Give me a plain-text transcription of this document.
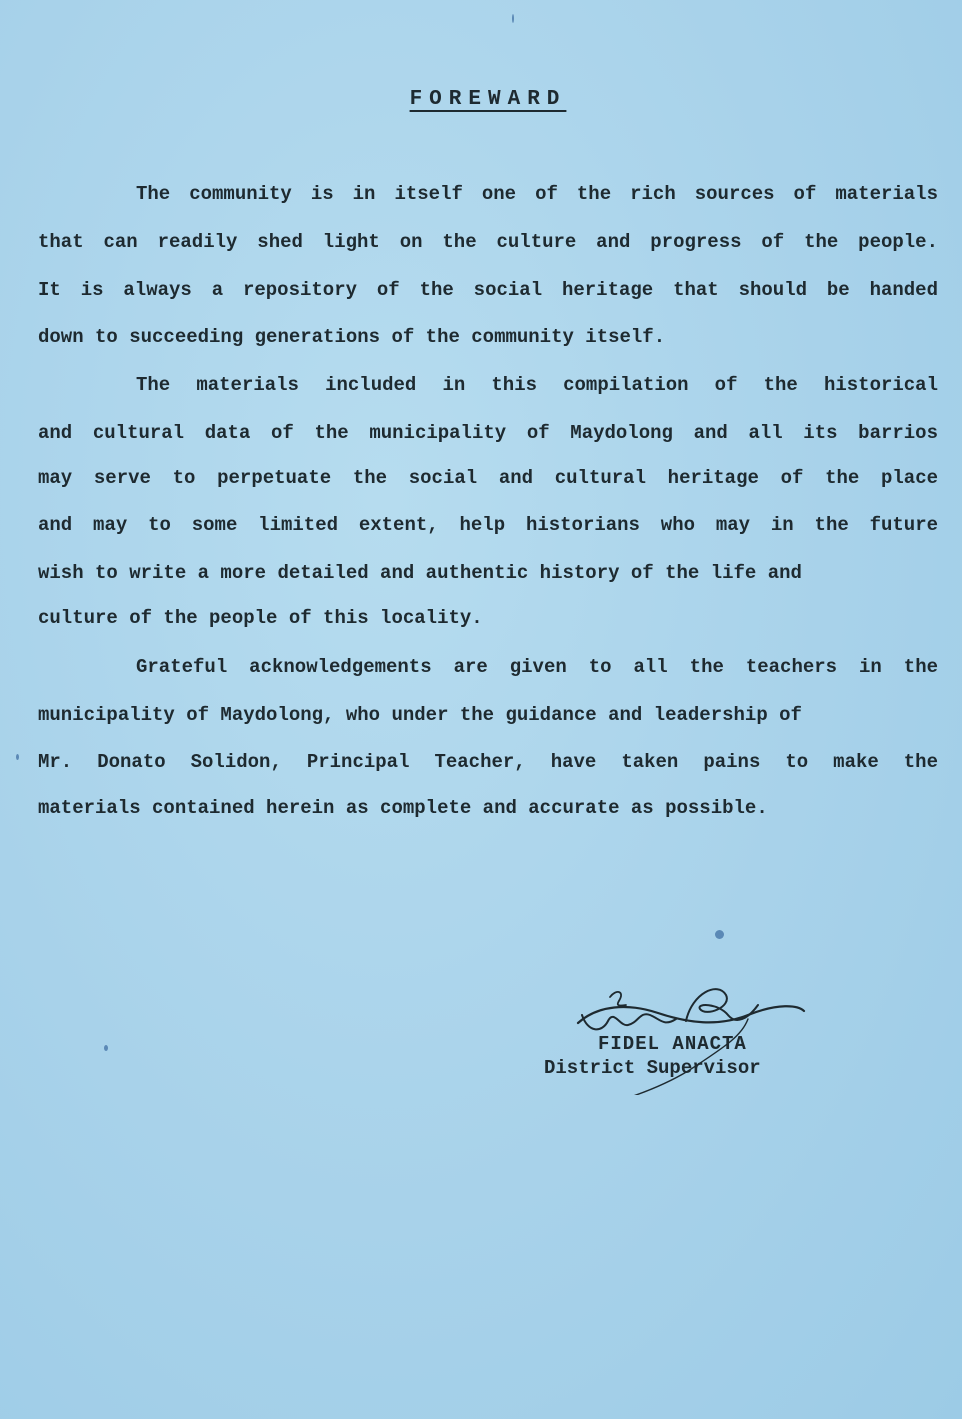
FOREWARD
The community is in itself one of the rich sources of materials
that can readily shed light on the culture and progress of the people.
It is always a repository of the social heritage that should be handed
down to succeeding generations of the community itself.
The materials included in this compilation of the historical
and cultural data of the municipality of Maydolong and all its barrios
may serve to perpetuate the social and cultural heritage of the place
and may to some limited extent, help historians who may in the future
wish to write a more detailed and authentic history of the life and
culture of the people of this locality.
Grateful acknowledgements are given to all the teachers in the
municipality of Maydolong, who under the guidance and leadership of
Mr. Donato Solidon, Principal Teacher, have taken pains to make the
materials contained herein as complete and accurate as possible.
FIDEL ANACTA
District Supervisor
